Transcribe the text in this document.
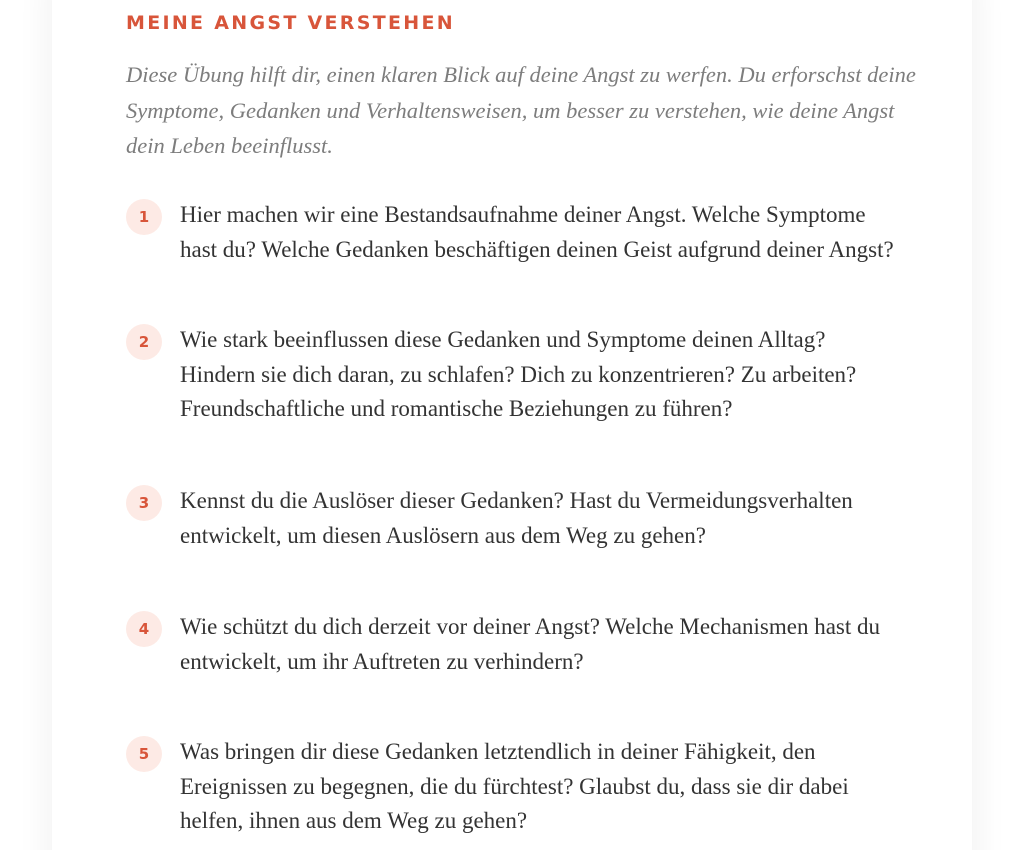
MEINE ANGST VERSTEHEN

Diese Übung hilft dir, einen klaren Blick auf deine Angst zu werfen. Du erforschst deine Symptome, Gedanken und Verhaltensweisen, um besser zu verstehen, wie deine Angst dein Leben beeinflusst.

1	Hier machen wir eine Bestandsaufnahme deiner Angst. Welche Symptome hast du? Welche Gedanken beschäftigen deinen Geist aufgrund deiner Angst?

2	Wie stark beeinflussen diese Gedanken und Symptome deinen Alltag? Hindern sie dich daran, zu schlafen? Dich zu konzentrieren? Zu arbeiten? Freundschaftliche und romantische Beziehungen zu führen?

3	Kennst du die Auslöser dieser Gedanken? Hast du Vermeidungsverhalten entwickelt, um diesen Auslösern aus dem Weg zu gehen?

4	Wie schützt du dich derzeit vor deiner Angst? Welche Mechanismen hast du entwickelt, um ihr Auftreten zu verhindern?

5	Was bringen dir diese Gedanken letztendlich in deiner Fähigkeit, den Ereignissen zu begegnen, die du fürchtest? Glaubst du, dass sie dir dabei helfen, ihnen aus dem Weg zu gehen?
